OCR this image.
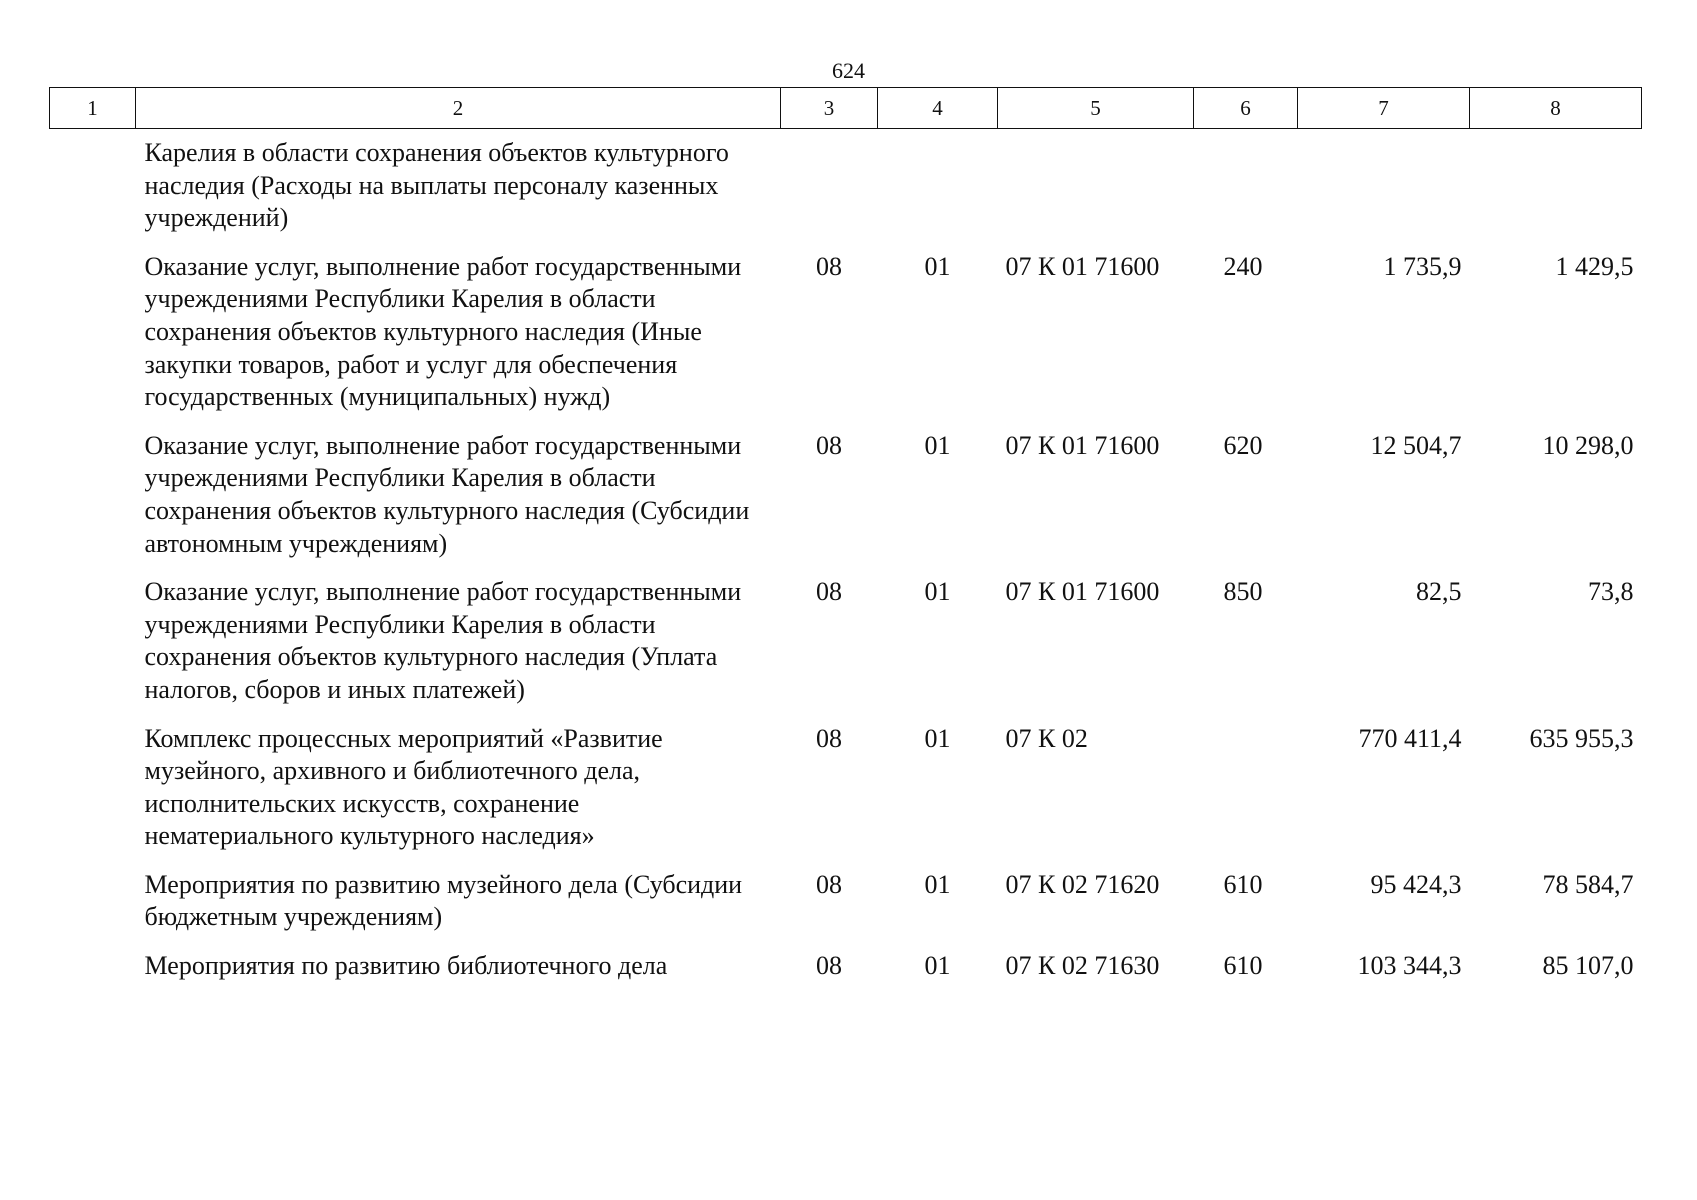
624
1	2	3	4	5	6	7	8
	Карелия в области сохранения объектов культурного наследия (Расходы на выплаты персоналу казенных учреждений)						
	Оказание услуг, выполнение работ государственными учреждениями Республики Карелия в области сохранения объектов культурного наследия (Иные закупки товаров, работ и услуг для обеспечения государственных (муниципальных) нужд)	08	01	07 К 01 71600	240	1 735,9	1 429,5
	Оказание услуг, выполнение работ государственными учреждениями Республики Карелия в области сохранения объектов культурного наследия (Субсидии автономным учреждениям)	08	01	07 К 01 71600	620	12 504,7	10 298,0
	Оказание услуг, выполнение работ государственными учреждениями Республики Карелия в области сохранения объектов культурного наследия (Уплата налогов, сборов и иных платежей)	08	01	07 К 01 71600	850	82,5	73,8
	Комплекс процессных мероприятий «Развитие музейного, архивного и библиотечного дела, исполнительских искусств, сохранение нематериального культурного наследия»	08	01	07 К 02		770 411,4	635 955,3
	Мероприятия по развитию музейного дела (Субсидии бюджетным учреждениям)	08	01	07 К 02 71620	610	95 424,3	78 584,7
	Мероприятия по развитию библиотечного дела	08	01	07 К 02 71630	610	103 344,3	85 107,0
